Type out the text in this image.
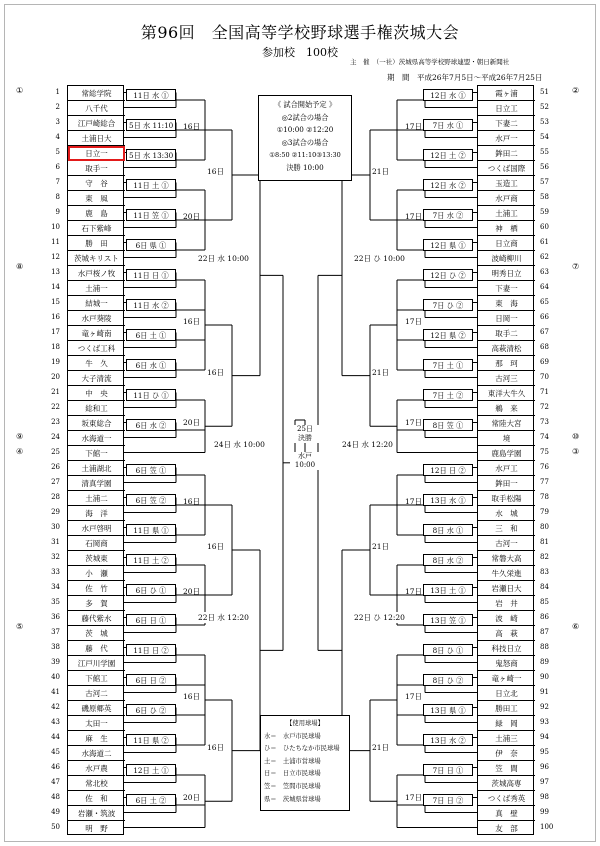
第96回　全国高等学校野球選手権茨城大会
参加校　100校
主　催　（一社）茨城県高等学校野球連盟・朝日新聞社
期　間　平成26年7月5日〜平成26年7月25日
常総学院
八千代
江戸崎総合
土浦日大
日立一
取手一
守　谷
東　風
鹿　島
石下紫峰
勝　田
茨城キリスト
水戸桜ノ牧
土浦一
結城一
水戸葵陵
竜ヶ崎南
つくば工科
牛　久
大子清流
中　央
総和工
坂東総合
水海道一
下館一
土浦湖北
清真学園
土浦二
海　洋
水戸啓明
石岡商
茨城東
小　瀬
佐　竹
多　賀
藤代紫水
茨　城
藤　代
江戸川学園
下館工
古河二
磯原郷英
太田一
麻　生
水海道二
水戸農
常北校
佐　和
岩瀬・筑波
明　野
霞ヶ浦
日立工
下妻二
水戸一
鉾田二
つくば国際
玉造工
水戸商
土浦工
神　栖
日立商
波崎柳川
明秀日立
下妻一
東　海
日岡一
取手二
高萩清松
那　珂
古河三
東洋大牛久
鵜　来
常陸大宮
境
鹿島学園
水戸工
鉾田一
取手松陽
水　城
三　和
古河一
常磐大高
牛久栄進
岩瀬日大
岩　井
波　崎
高　萩
科技日立
鬼怒商
竜ヶ崎一
日立北
勝田工
緑　岡
土浦三
伊　奈
笠　間
茨城高専
つくば秀英
真　壁
友　部
1
2
3
4
5
6
7
8
9
10
11
12
13
14
15
16
17
18
19
20
21
22
23
24
25
26
27
28
29
30
31
32
33
34
35
36
37
38
39
40
41
42
43
44
45
46
47
48
49
50
51
52
53
54
55
56
57
58
59
60
61
62
63
64
65
66
67
68
69
70
71
72
73
74
75
76
77
78
79
80
81
82
83
84
85
86
87
88
89
90
91
92
93
94
95
96
97
98
99
100
①
⑧
⑨
④
⑤
②
⑦
⑩
③
⑥
《 試合開始予定 》
◎2試合の場合
①10:00 ②12:20
◎3試合の場合
①8:50 ②11:10③13:30
決勝 10:00
25日
決勝
水戸
10:00
【使用球場】
水＝　水戸市民球場
ひ＝　ひたちなか市民球場
土＝　土浦市営球場
日＝　日立市民球場
笠＝　笠間市民球場
県＝　茨城県営球場
11日 水 ①
5日 水 11:10
5日 水 13:30
11日 土 ①
11日 笠 ①
6日 県 ①
16日
20日
16日
11日 日 ①
11日 水 ②
6日 土 ①
6日 水 ①
11日 ひ ①
6日 水 ②
16日
20日
16日
6日 笠 ①
6日 笠 ②
11日 県 ①
11日 土 ②
6日 ひ ①
6日 日 ①
16日
20日
16日
11日 日 ②
6日 日 ②
6日 ひ ②
11日 県 ②
12日 土 ①
6日 土 ②
16日
20日
16日
22日 水 10:00
22日 水 12:20
24日 水 10:00
12日 水 ①
7日 水 ①
12日 土 ②
12日 水 ②
7日 水 ②
12日 県 ①
17日
17日
21日
12日 ひ ②
7日 ひ ②
12日 県 ②
7日 土 ①
7日 土 ②
8日 笠 ①
17日
17日
21日
12日 日 ②
13日 水 ①
8日 水 ①
8日 水 ②
13日 土 ①
13日 笠 ①
17日
17日
21日
8日 ひ ①
8日 ひ ②
13日 県 ①
13日 水 ②
7日 日 ①
7日 日 ②
17日
17日
21日
22日 ひ 10:00
22日 ひ 12:20
24日 水 12:20
